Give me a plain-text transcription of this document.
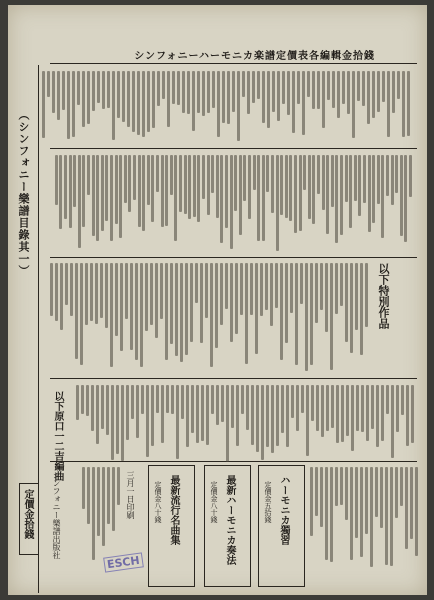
シンフォニーハーモニカ楽譜定價表各編輯金拾錢
（シンフォニー樂譜目錄其一）
定價金拾錢
以下特別作品
以下原口一二吉編曲
最新流行名曲集
定價金八十錢	ハーモニカ獨習
定價金五拾錢
最新ハーモニカ奏法
定價金八十錢
三月一日印刷
シンフォニー樂譜出版社
ESCH
